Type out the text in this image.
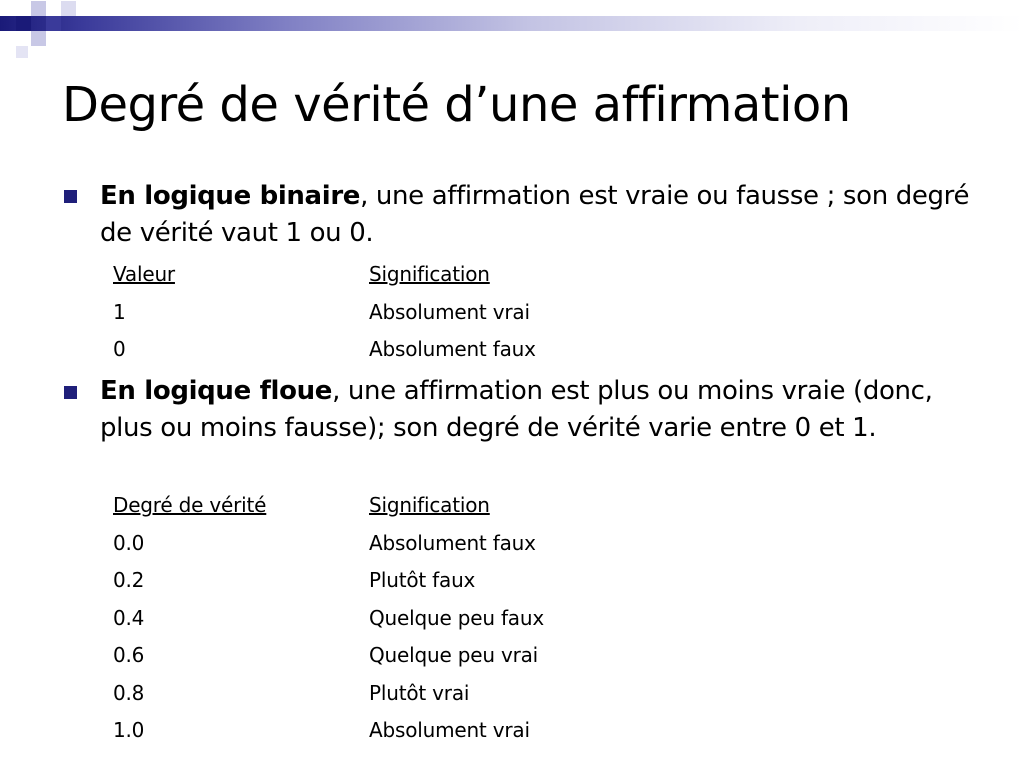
Degré de vérité d’une affirmation
En logique binaire, une affirmation est vraie ou fausse ; son degré de vérité vaut 1 ou 0.
Valeur	Signification
1	Absolument vrai
0	Absolument faux
En logique floue, une affirmation est plus ou moins vraie (donc, plus ou moins fausse); son degré de vérité varie entre 0 et 1.
Degré de vérité	Signification
0.0	Absolument faux
0.2	Plutôt faux
0.4	Quelque peu faux
0.6	Quelque peu vrai
0.8	Plutôt vrai
1.0	Absolument vrai
